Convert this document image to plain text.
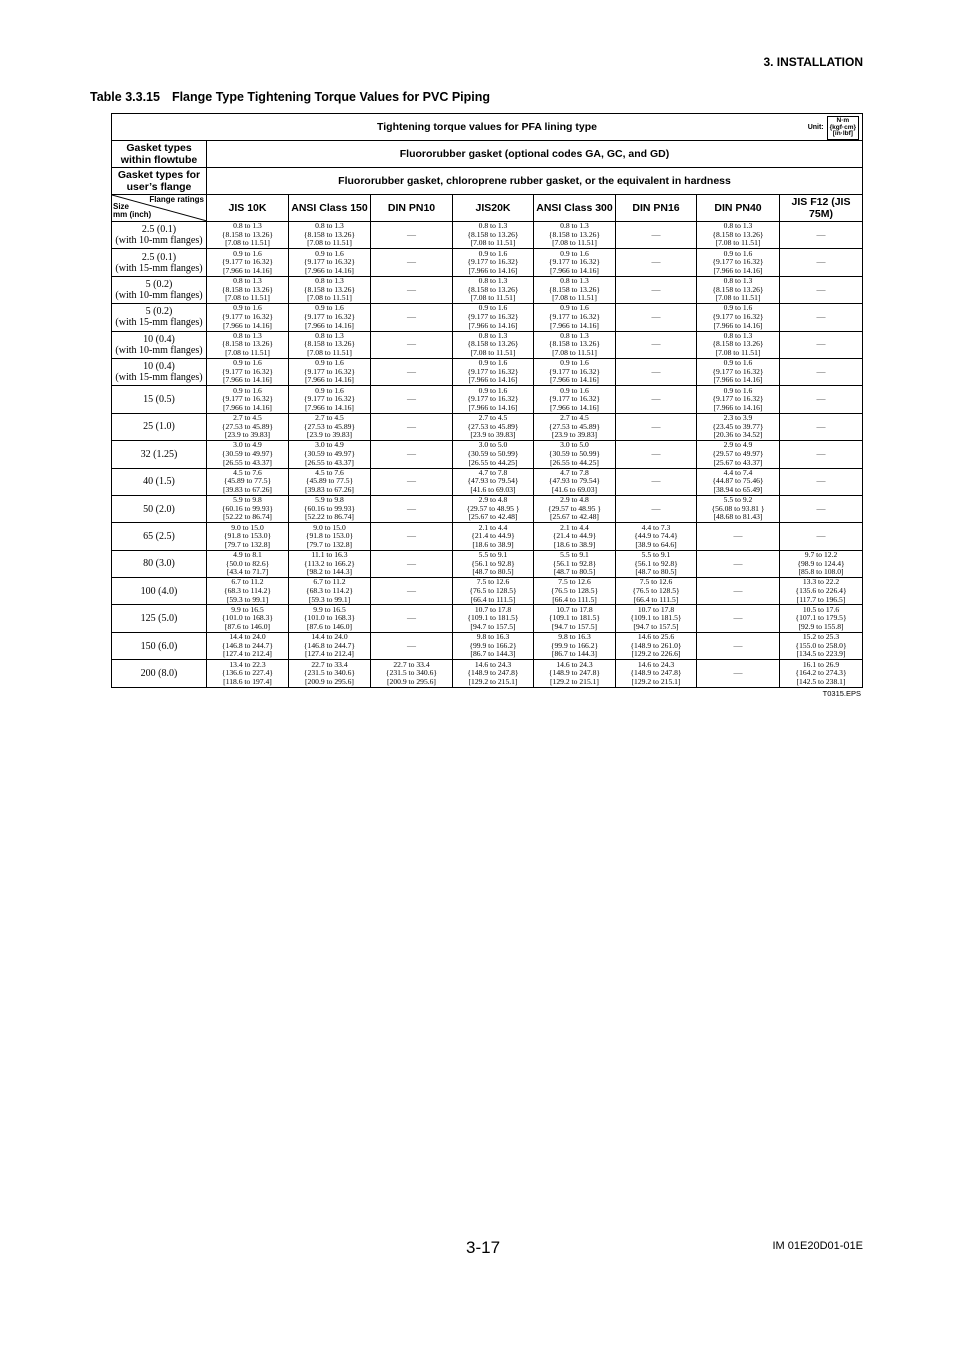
3. INSTALLATION
Table 3.3.15 Flange Type Tightening Torque Values for PVC Piping
Tightening torque values for PFA lining type Unit:
N·m
{kgf·cm}
[in·lbf]								

Gasket types within flowtube	Fluororubber gasket (optional codes GA, GC, and GD)							
Gasket types for user’s flange	Fluororubber gasket, chloroprene rubber gasket, or the equivalent in hardness							

Flange ratings
Size
mm (inch)	JIS 10K	ANSI Class 150	DIN PN10	JIS20K	ANSI Class 300	DIN PN16	DIN PN40	JIS F12 (JIS 75M)
2.5 (0.1)
(with 10-mm flanges)	0.8 to 1.3
{8.158 to 13.26}
[7.08 to 11.51]	0.8 to 1.3
{8.158 to 13.26}
[7.08 to 11.51]	—	0.8 to 1.3
{8.158 to 13.26}
[7.08 to 11.51]	0.8 to 1.3
{8.158 to 13.26}
[7.08 to 11.51]	—	0.8 to 1.3
{8.158 to 13.26}
[7.08 to 11.51]	—

2.5 (0.1)
(with 15-mm flanges)	0.9 to 1.6
{9.177 to 16.32}
[7.966 to 14.16]	0.9 to 1.6
{9.177 to 16.32}
[7.966 to 14.16]	—	0.9 to 1.6
{9.177 to 16.32}
[7.966 to 14.16]	0.9 to 1.6
{9.177 to 16.32}
[7.966 to 14.16]	—	0.9 to 1.6
{9.177 to 16.32}
[7.966 to 14.16]	—

5 (0.2)
(with 10-mm flanges)	0.8 to 1.3
{8.158 to 13.26}
[7.08 to 11.51]	0.8 to 1.3
{8.158 to 13.26}
[7.08 to 11.51]	—	0.8 to 1.3
{8.158 to 13.26}
[7.08 to 11.51]	0.8 to 1.3
{8.158 to 13.26}
[7.08 to 11.51]	—	0.8 to 1.3
{8.158 to 13.26}
[7.08 to 11.51]	—

5 (0.2)
(with 15-mm flanges)	0.9 to 1.6
{9.177 to 16.32}
[7.966 to 14.16]	0.9 to 1.6
{9.177 to 16.32}
[7.966 to 14.16]	—	0.9 to 1.6
{9.177 to 16.32}
[7.966 to 14.16]	0.9 to 1.6
{9.177 to 16.32}
[7.966 to 14.16]	—	0.9 to 1.6
{9.177 to 16.32}
[7.966 to 14.16]	—

10 (0.4)
(with 10-mm flanges)	0.8 to 1.3
{8.158 to 13.26}
[7.08 to 11.51]	0.8 to 1.3
{8.158 to 13.26}
[7.08 to 11.51]	—	0.8 to 1.3
{8.158 to 13.26}
[7.08 to 11.51]	0.8 to 1.3
{8.158 to 13.26}
[7.08 to 11.51]	—	0.8 to 1.3
{8.158 to 13.26}
[7.08 to 11.51]	—

10 (0.4)
(with 15-mm flanges)	0.9 to 1.6
{9.177 to 16.32}
[7.966 to 14.16]	0.9 to 1.6
{9.177 to 16.32}
[7.966 to 14.16]	—	0.9 to 1.6
{9.177 to 16.32}
[7.966 to 14.16]	0.9 to 1.6
{9.177 to 16.32}
[7.966 to 14.16]	—	0.9 to 1.6
{9.177 to 16.32}
[7.966 to 14.16]	—

15 (0.5)	0.9 to 1.6
{9.177 to 16.32}
[7.966 to 14.16]	0.9 to 1.6
{9.177 to 16.32}
[7.966 to 14.16]	—	0.9 to 1.6
{9.177 to 16.32}
[7.966 to 14.16]	0.9 to 1.6
{9.177 to 16.32}
[7.966 to 14.16]	—	0.9 to 1.6
{9.177 to 16.32}
[7.966 to 14.16]	—

25 (1.0)	2.7 to 4.5
{27.53 to 45.89}
[23.9 to 39.83]	2.7 to 4.5
{27.53 to 45.89}
[23.9 to 39.83]	—	2.7 to 4.5
{27.53 to 45.89}
[23.9 to 39.83]	2.7 to 4.5
{27.53 to 45.89}
[23.9 to 39.83]	—	2.3 to 3.9
{23.45 to 39.77}
[20.36 to 34.52]	—

32 (1.25)	3.0 to 4.9
{30.59 to 49.97}
[26.55 to 43.37]	3.0 to 4.9
{30.59 to 49.97}
[26.55 to 43.37]	—	3.0 to 5.0
{30.59 to 50.99}
[26.55 to 44.25]	3.0 to 5.0
{30.59 to 50.99}
[26.55 to 44.25]	—	2.9 to 4.9
{29.57 to 49.97}
[25.67 to 43.37]	—

40 (1.5)	4.5 to 7.6
{45.89 to 77.5}
[39.83 to 67.26]	4.5 to 7.6
{45.89 to 77.5}
[39.83 to 67.26]	—	4.7 to 7.8
{47.93 to 79.54}
[41.6 to 69.03]	4.7 to 7.8
{47.93 to 79.54}
[41.6 to 69.03]	—	4.4 to 7.4
{44.87 to 75.46}
[38.94 to 65.49]	—

50 (2.0)	5.9 to 9.8
{60.16 to 99.93}
[52.22 to 86.74]	5.9 to 9.8
{60.16 to 99.93}
[52.22 to 86.74]	—	2.9 to 4.8
{29.57 to 48.95 }
[25.67 to 42.48]	2.9 to 4.8
{29.57 to 48.95 }
[25.67 to 42.48]	—	5.5 to 9.2
{56.08 to 93.81 }
[48.68 to 81.43]	—

65 (2.5)	9.0 to 15.0
{91.8 to 153.0}
[79.7 to 132.8]	9.0 to 15.0
{91.8 to 153.0}
[79.7 to 132.8]	—	2.1 to 4.4
{21.4 to 44.9}
[18.6 to 38.9]	2.1 to 4.4
{21.4 to 44.9}
[18.6 to 38.9]	4.4 to 7.3
{44.9 to 74.4}
[38.9 to 64.6]	—	—

80 (3.0)	4.9 to 8.1
{50.0 to 82.6}
[43.4 to 71.7]	11.1 to 16.3
{113.2 to 166.2}
[98.2 to 144.3]	—	5.5 to 9.1
{56.1 to 92.8}
[48.7 to 80.5]	5.5 to 9.1
{56.1 to 92.8}
[48.7 to 80.5]	5.5 to 9.1
{56.1 to 92.8}
[48.7 to 80.5]	—	9.7 to 12.2
{98.9 to 124.4}
[85.8 to 108.0]

100 (4.0)	6.7 to 11.2
{68.3 to 114.2}
[59.3 to 99.1]	6.7 to 11.2
{68.3 to 114.2}
[59.3 to 99.1]	—	7.5 to 12.6
{76.5 to 128.5}
[66.4 to 111.5]	7.5 to 12.6
{76.5 to 128.5}
[66.4 to 111.5]	7.5 to 12.6
{76.5 to 128.5}
[66.4 to 111.5]	—	13.3 to 22.2
{135.6 to 226.4}
[117.7 to 196.5]

125 (5.0)	9.9 to 16.5
{101.0 to 168.3}
[87.6 to 146.0]	9.9 to 16.5
{101.0 to 168.3}
[87.6 to 146.0]	—	10.7 to 17.8
{109.1 to 181.5}
[94.7 to 157.5]	10.7 to 17.8
{109.1 to 181.5}
[94.7 to 157.5]	10.7 to 17.8
{109.1 to 181.5}
[94.7 to 157.5]	—	10.5 to 17.6
{107.1 to 179.5}
[92.9 to 155.8]

150 (6.0)	14.4 to 24.0
{146.8 to 244.7}
[127.4 to 212.4]	14.4 to 24.0
{146.8 to 244.7}
[127.4 to 212.4]	—	9.8 to 16.3
{99.9 to 166.2}
[86.7 to 144.3]	9.8 to 16.3
{99.9 to 166.2}
[86.7 to 144.3]	14.6 to 25.6
{148.9 to 261.0}
[129.2 to 226.6]	—	15.2 to 25.3
{155.0 to 258.0}
[134.5 to 223.9]

200 (8.0)	13.4 to 22.3
{136.6 to 227.4}
[118.6 to 197.4]	22.7 to 33.4
{231.5 to 340.6}
[200.9 to 295.6]	22.7 to 33.4
{231.5 to 340.6}
[200.9 to 295.6]	14.6 to 24.3
{148.9 to 247.8}
[129.2 to 215.1]	14.6 to 24.3
{148.9 to 247.8}
[129.2 to 215.1]	14.6 to 24.3
{148.9 to 247.8}
[129.2 to 215.1]	—	16.1 to 26.9
{164.2 to 274.3}
[142.5 to 238.1]
T0315.EPS
3-17	IM 01E20D01-01E
